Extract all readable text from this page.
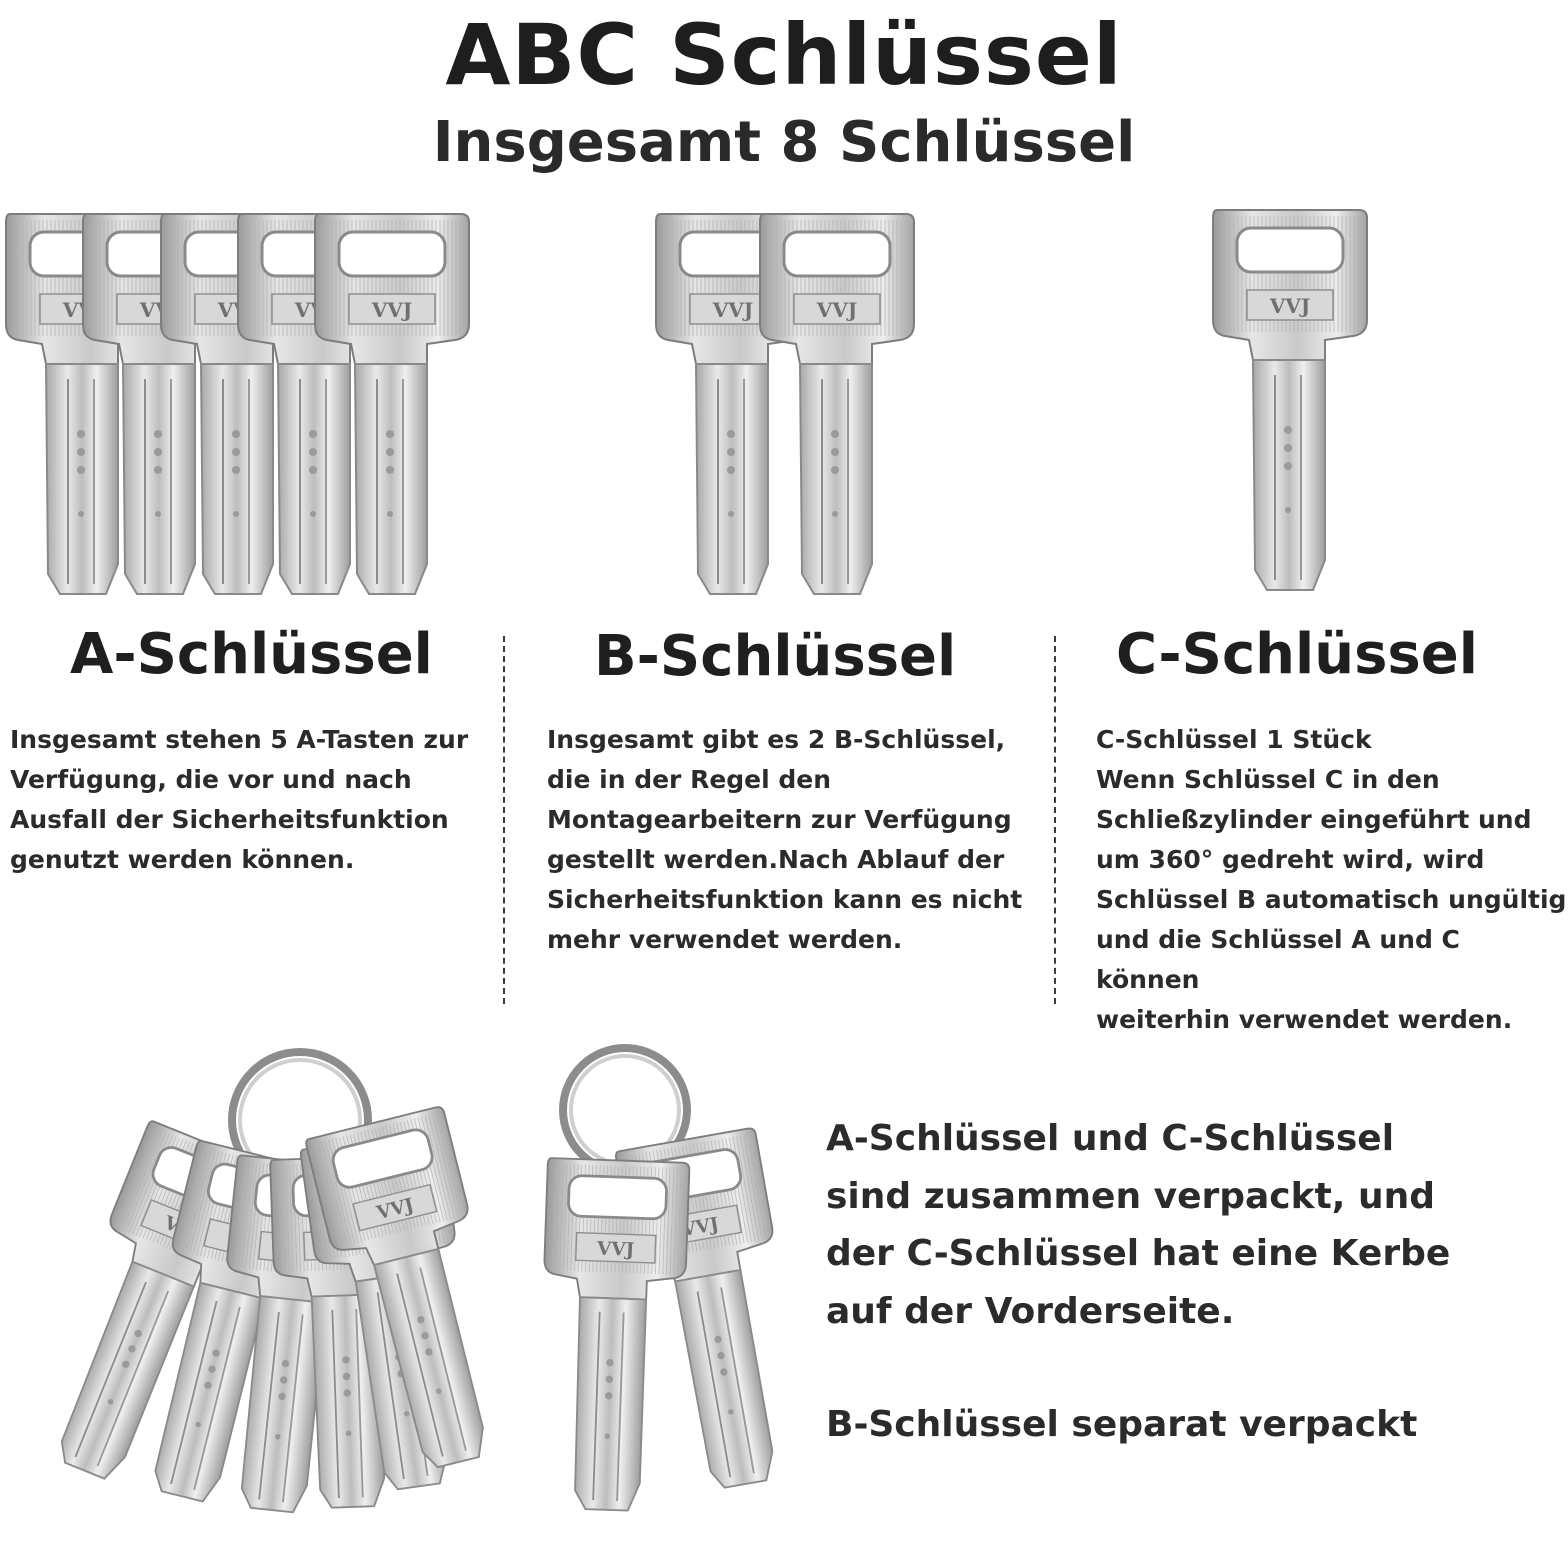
VVJ	ABC Schlüssel
Insgesamt 8 Schlüssel
A-Schlüssel
Insgesamt stehen 5 A-Tasten zur
Verfügung, die vor und nach
Ausfall der Sicherheitsfunktion
genutzt werden können.
B-Schlüssel
Insgesamt gibt es 2 B-Schlüssel,
die in der Regel den
Montagearbeitern zur Verfügung
gestellt werden.Nach Ablauf der
Sicherheitsfunktion kann es nicht
mehr verwendet werden.
C-Schlüssel
C-Schlüssel 1 Stück
Wenn Schlüssel C in den
Schließzylinder eingeführt und
um 360° gedreht wird, wird
Schlüssel B automatisch ungültig
und die Schlüssel A und C können
weiterhin verwendet werden.
A-Schlüssel und C-Schlüssel
sind zusammen verpackt, und
der C-Schlüssel hat eine Kerbe
auf der Vorderseite.
B-Schlüssel separat verpackt
